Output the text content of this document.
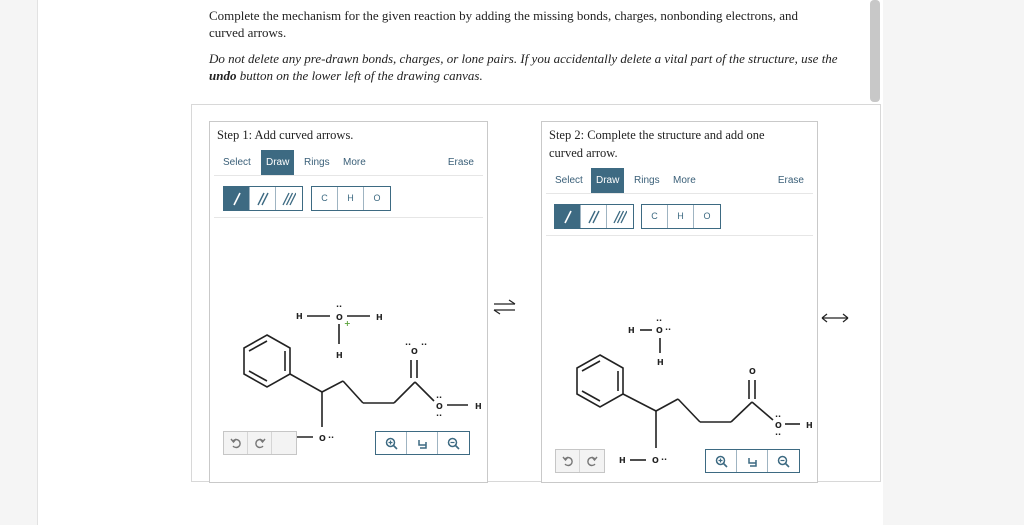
Complete the mechanism for the given reaction by adding the missing bonds, charges, nonbonding electrons, and
curved arrows.
Do not delete any pre-drawn bonds, charges, or lone pairs. If you accidentally delete a vital part of the structure, use the
undo button on the lower left of the drawing canvas.
Step 1: Add curved arrows.
Select	Draw	Rings	More	Erase
C	H	O
H	O
··
+
H
H	O
·· ··
O
··
··
H
O ··
Step 2: Complete the structure and add one
curved arrow.
Select	Draw	Rings	More	Erase
C	H	O
H	O
··
··
H
O
O
··
··
H
H	O ··
